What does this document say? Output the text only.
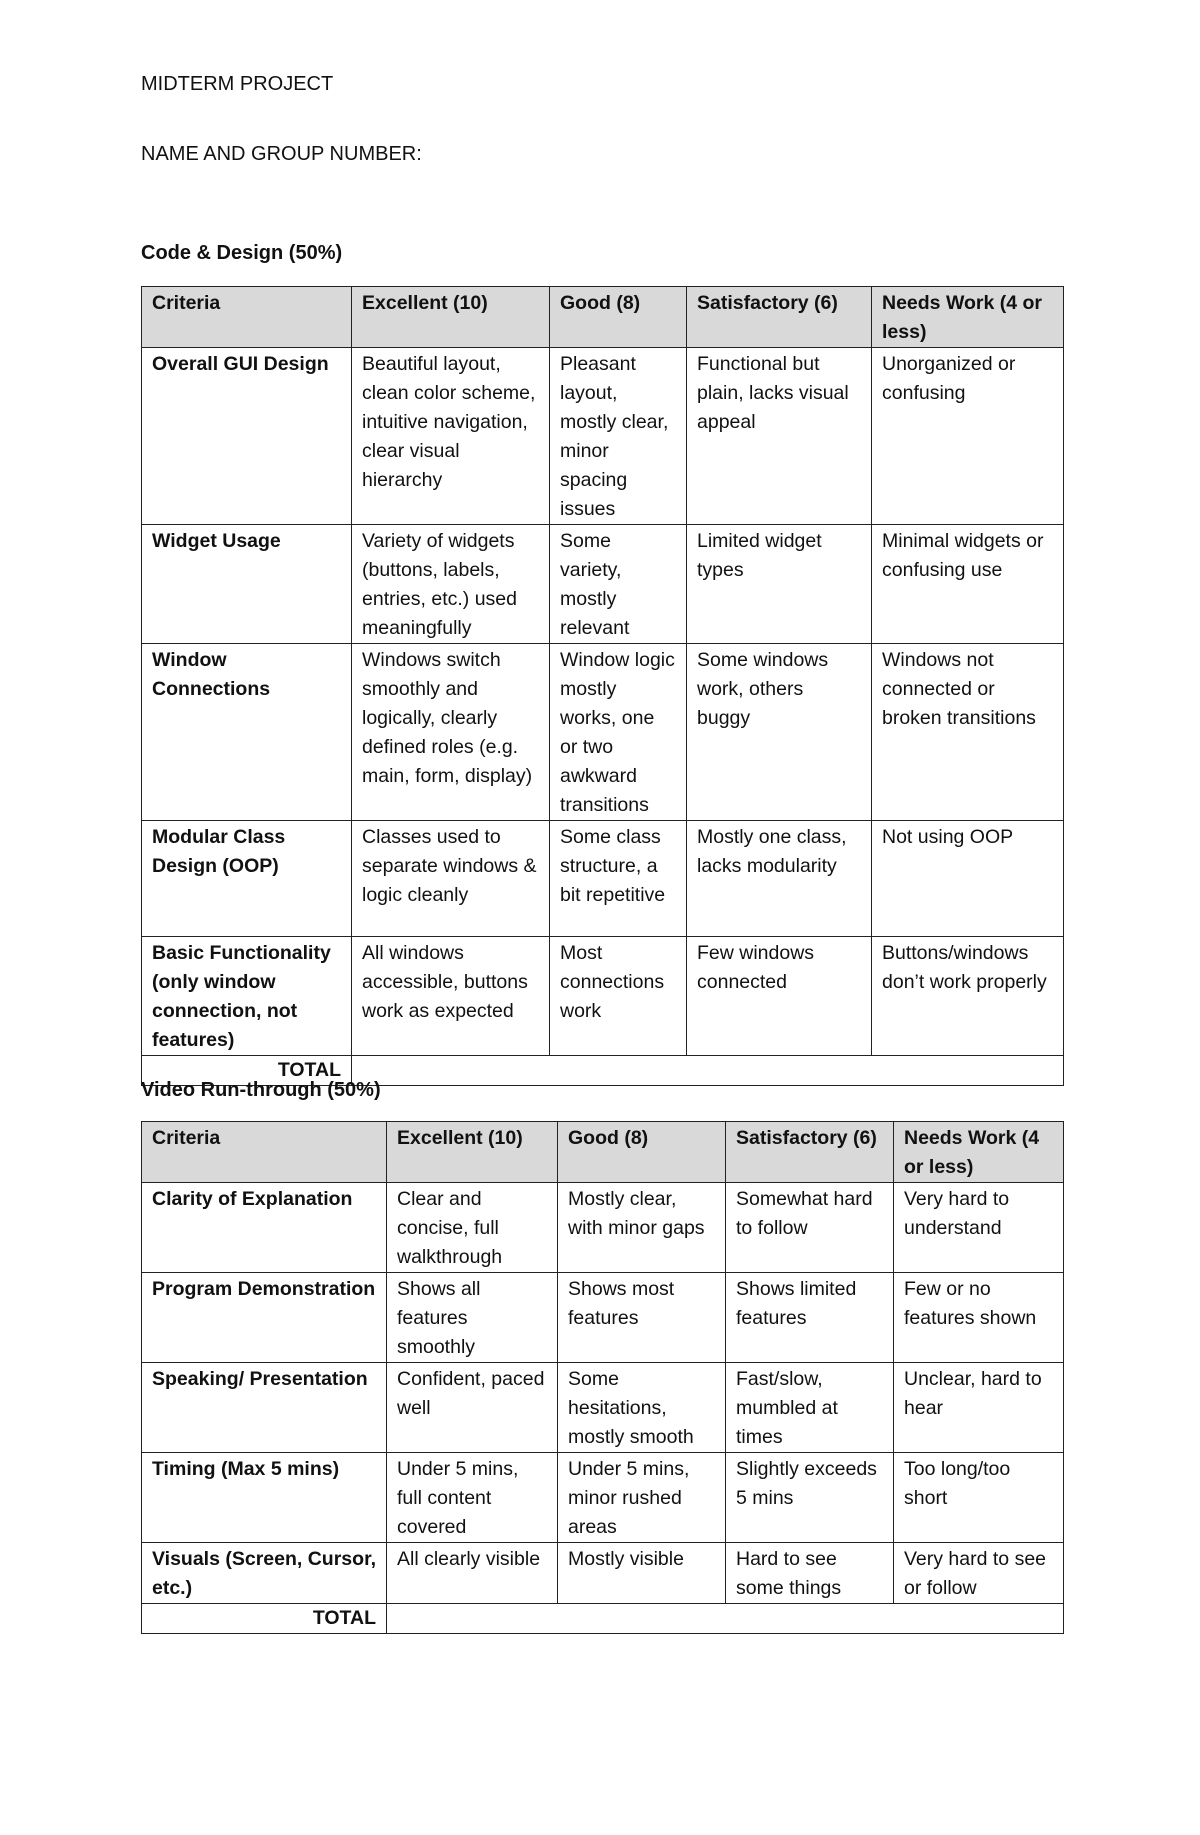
MIDTERM PROJECT
NAME AND GROUP NUMBER:
Code & Design (50%)
Criteria	Excellent (10)	Good (8)	Satisfactory (6)	Needs Work (4 or less)
Overall GUI Design	Beautiful layout, clean color scheme, intuitive navigation, clear visual hierarchy	Pleasant layout, mostly clear, minor spacing issues	Functional but plain, lacks visual appeal	Unorganized or confusing
Widget Usage	Variety of widgets (buttons, labels, entries, etc.) used meaningfully	Some variety, mostly relevant	Limited widget types	Minimal widgets or confusing use
Window Connections	Windows switch smoothly and logically, clearly defined roles (e.g. main, form, display)	Window logic mostly works, one or two awkward transitions	Some windows work, others buggy	Windows not connected or broken transitions
Modular Class Design (OOP)	Classes used to separate windows & logic cleanly	Some class structure, a bit repetitive	Mostly one class, lacks modularity	Not using OOP
Basic Functionality (only window connection, not features)	All windows accessible, buttons work as expected	Most connections work	Few windows connected	Buttons/windows don’t work properly
TOTAL				
Video Run-through (50%)
Criteria	Excellent (10)	Good (8)	Satisfactory (6)	Needs Work (4 or less)
Clarity of Explanation	Clear and concise, full walkthrough	Mostly clear, with minor gaps	Somewhat hard to follow	Very hard to understand
Program Demonstration	Shows all features smoothly	Shows most features	Shows limited features	Few or no features shown
Speaking/ Presentation	Confident, paced well	Some hesitations, mostly smooth	Fast/slow, mumbled at times	Unclear, hard to hear
Timing (Max 5 mins)	Under 5 mins, full content covered	Under 5 mins, minor rushed areas	Slightly exceeds 5 mins	Too long/too short
Visuals (Screen, Cursor, etc.)	All clearly visible	Mostly visible	Hard to see some things	Very hard to see or follow
TOTAL				
